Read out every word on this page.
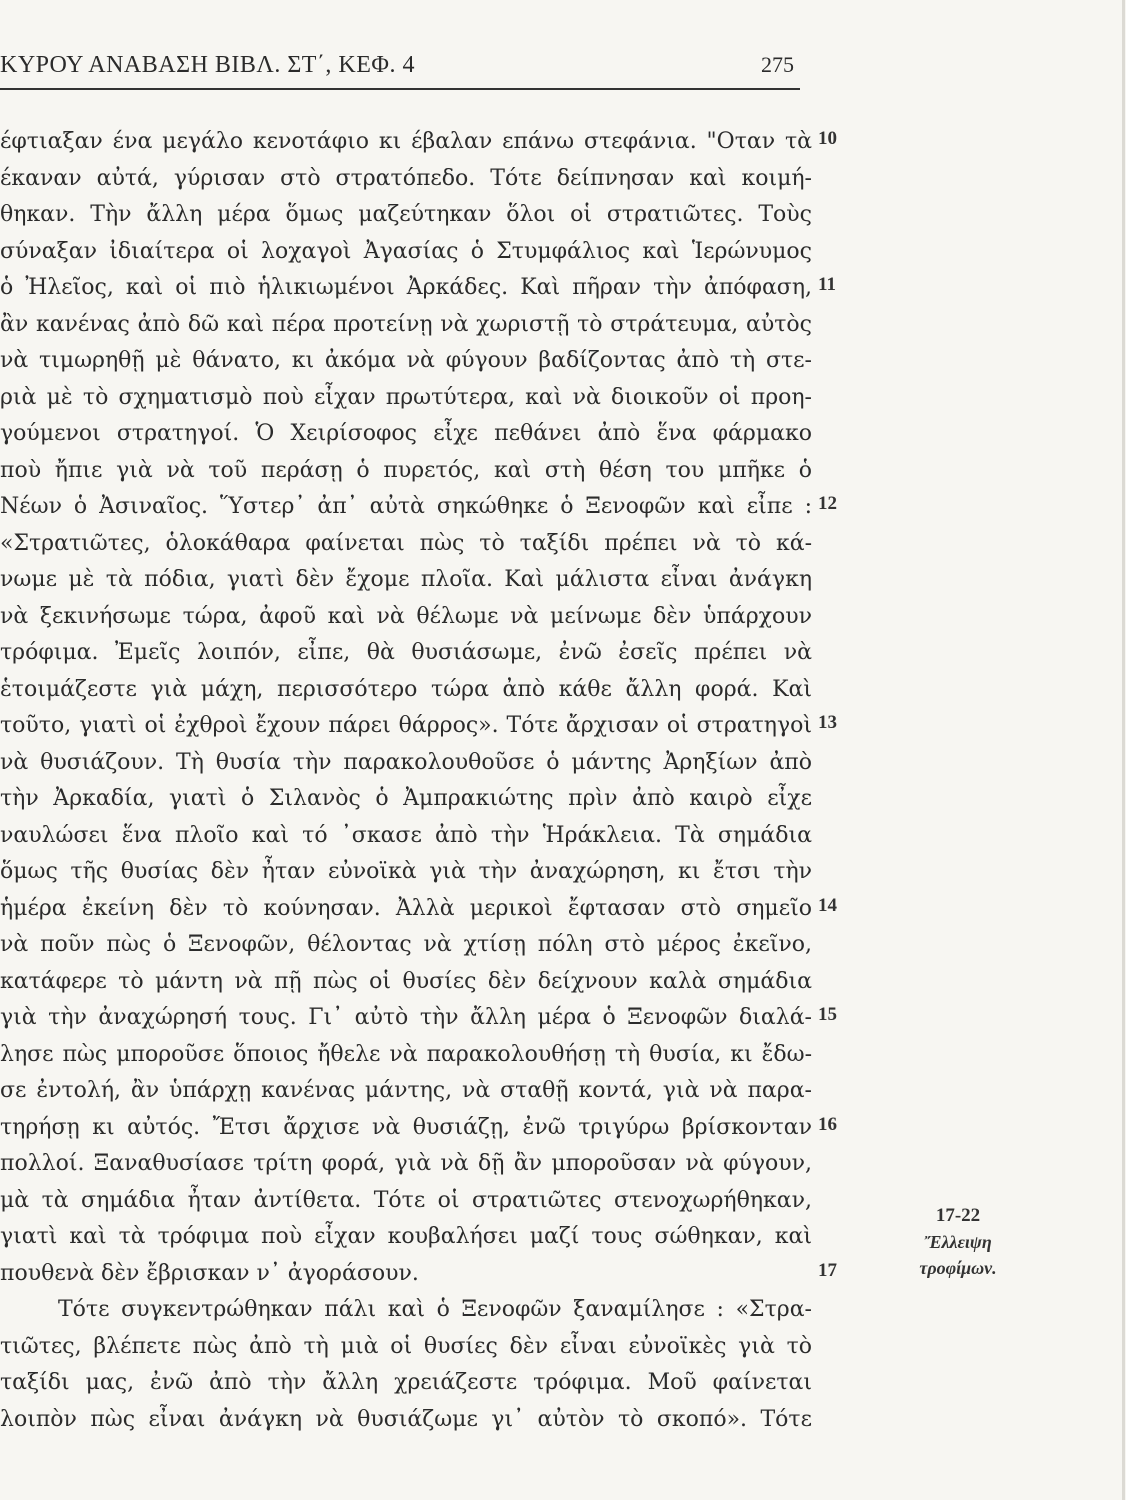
ΚΥΡΟΥ ΑΝΑΒΑΣΗ ΒΙΒΛ. ΣΤ΄, ΚΕΦ. 4	275
έφτιαξαν ένα μεγάλο κενοτάφιο κι έβαλαν επάνω στεφάνια. "Οταν τὰ
έκαναν αὐτά, γύρισαν στὸ στρατόπεδο. Τότε δείπνησαν καὶ κοιμή-
θηκαν. Τὴν ἄλλη μέρα ὅμως μαζεύτηκαν ὅλοι οἱ στρατιῶτες. Τοὺς
σύναξαν ἰδιαίτερα οἱ λοχαγοὶ Ἀγασίας ὁ Στυμφάλιος καὶ Ἱερώνυμος
ὁ Ἠλεῖος, καὶ οἱ πιὸ ἡλικιωμένοι Ἀρκάδες. Καὶ πῆραν τὴν ἀπόφαση,
ἂν κανένας ἀπὸ δῶ καὶ πέρα προτείνῃ νὰ χωριστῇ τὸ στράτευμα, αὐτὸς
νὰ τιμωρηθῇ μὲ θάνατο, κι ἀκόμα νὰ φύγουν βαδίζοντας ἀπὸ τὴ στε-
ριὰ μὲ τὸ σχηματισμὸ ποὺ εἶχαν πρωτύτερα, καὶ νὰ διοικοῦν οἱ προη-
γούμενοι στρατηγοί. Ὁ Χειρίσοφος εἶχε πεθάνει ἀπὸ ἕνα φάρμακο
ποὺ ἤπιε γιὰ νὰ τοῦ περάσῃ ὁ πυρετός, καὶ στὴ θέση του μπῆκε ὁ
Νέων ὁ Ἀσιναῖος. Ὕστερ᾽ ἀπ᾽ αὐτὰ σηκώθηκε ὁ Ξενοφῶν καὶ εἶπε :
«Στρατιῶτες, ὁλοκάθαρα φαίνεται πὼς τὸ ταξίδι πρέπει νὰ τὸ κά-
νωμε μὲ τὰ πόδια, γιατὶ δὲν ἔχομε πλοῖα. Καὶ μάλιστα εἶναι ἀνάγκη
νὰ ξεκινήσωμε τώρα, ἀφοῦ καὶ νὰ θέλωμε νὰ μείνωμε δὲν ὑπάρχουν
τρόφιμα. Ἐμεῖς λοιπόν, εἶπε, θὰ θυσιάσωμε, ἐνῶ ἐσεῖς πρέπει νὰ
ἑτοιμάζεστε γιὰ μάχη, περισσότερο τώρα ἀπὸ κάθε ἄλλη φορά. Καὶ
τοῦτο, γιατὶ οἱ ἐχθροὶ ἔχουν πάρει θάρρος». Τότε ἄρχισαν οἱ στρατηγοὶ
νὰ θυσιάζουν. Τὴ θυσία τὴν παρακολουθοῦσε ὁ μάντης Ἀρηξίων ἀπὸ
τὴν Ἀρκαδία, γιατὶ ὁ Σιλανὸς ὁ Ἀμπρακιώτης πρὶν ἀπὸ καιρὸ εἶχε
ναυλώσει ἕνα πλοῖο καὶ τό ᾽σκασε ἀπὸ τὴν Ἡράκλεια. Τὰ σημάδια
ὅμως τῆς θυσίας δὲν ἦταν εὐνοϊκὰ γιὰ τὴν ἀναχώρηση, κι ἔτσι τὴν
ἡμέρα ἐκείνη δὲν τὸ κούνησαν. Ἀλλὰ μερικοὶ ἔφτασαν στὸ σημεῖο
νὰ ποῦν πὼς ὁ Ξενοφῶν, θέλοντας νὰ χτίσῃ πόλη στὸ μέρος ἐκεῖνο,
κατάφερε τὸ μάντη νὰ πῇ πὼς οἱ θυσίες δὲν δείχνουν καλὰ σημάδια
γιὰ τὴν ἀναχώρησή τους. Γι᾽ αὐτὸ τὴν ἄλλη μέρα ὁ Ξενοφῶν διαλά-
λησε πὼς μποροῦσε ὅποιος ἤθελε νὰ παρακολουθήσῃ τὴ θυσία, κι ἔδω-
σε ἐντολή, ἂν ὑπάρχῃ κανένας μάντης, νὰ σταθῇ κοντά, γιὰ νὰ παρα-
τηρήσῃ κι αὐτός. Ἔτσι ἄρχισε νὰ θυσιάζῃ, ἐνῶ τριγύρω βρίσκονταν
πολλοί. Ξαναθυσίασε τρίτη φορά, γιὰ νὰ δῇ ἂν μποροῦσαν νὰ φύγουν,
μὰ τὰ σημάδια ἦταν ἀντίθετα. Τότε οἱ στρατιῶτες στενοχωρήθηκαν,
γιατὶ καὶ τὰ τρόφιμα ποὺ εἶχαν κουβαλήσει μαζί τους σώθηκαν, καὶ
πουθενὰ δὲν ἔβρισκαν ν᾽ ἀγοράσουν.
Τότε συγκεντρώθηκαν πάλι καὶ ὁ Ξενοφῶν ξαναμίλησε : «Στρα-
τιῶτες, βλέπετε πὼς ἀπὸ τὴ μιὰ οἱ θυσίες δὲν εἶναι εὐνοϊκὲς γιὰ τὸ
ταξίδι μας, ἐνῶ ἀπὸ τὴν ἄλλη χρειάζεστε τρόφιμα. Μοῦ φαίνεται
λοιπὸν πὼς εἶναι ἀνάγκη νὰ θυσιάζωμε γι᾽ αὐτὸν τὸ σκοπό». Τότε
10
11
12
13
14
15
16
17
17-22
Ἔλλειψη
τροφίμων.
